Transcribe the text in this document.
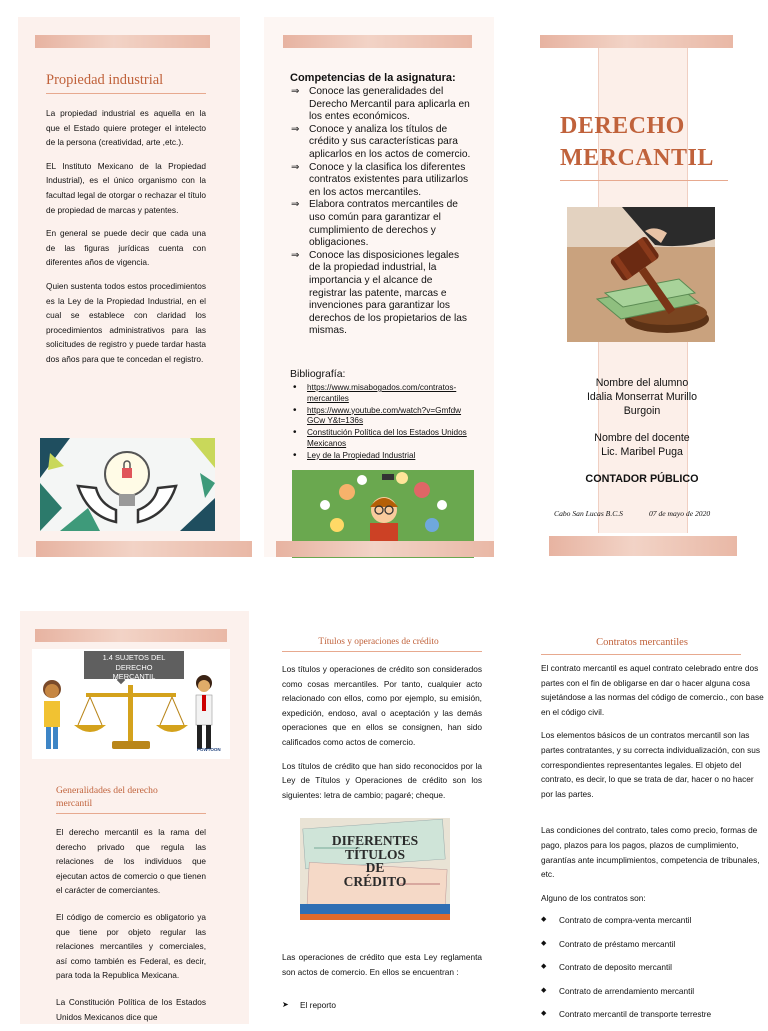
Propiedad industrial

La propiedad industrial es aquella en la que el Estado quiere proteger el intelecto de la persona (creatividad, arte ,etc.).

EL Instituto Mexicano de la Propiedad Industrial), es el único organismo con la facultad legal de otorgar o rechazar el título de propiedad de marcas y patentes.

En general se puede decir que cada una de las figuras jurídicas cuenta con diferentes años de vigencia.

Quien sustenta todos estos procedimientos es la Ley de la Propiedad Industrial, en el cual se establece con claridad los procedimientos administrativos para las solicitudes de registro y puede tardar hasta dos años para que te concedan el registro.

Competencias de la asignatura:
⇒ Conoce las generalidades del Derecho Mercantil para aplicarla en los entes económicos.
⇒ Conoce y analiza los títulos de crédito y sus características para aplicarlos en los actos de comercio.
⇒ Conoce y la clasifica los diferentes contratos existentes para utilizarlos en los actos mercantiles.
⇒ Elabora contratos mercantiles de uso común para garantizar el cumplimiento de derechos y obligaciones.
⇒ Conoce las disposiciones legales de la propiedad industrial, la importancia y el alcance de registrar las patente, marcas e invenciones para garantizar los derechos de los propietarios de las mismas.
Bibliografía:
• https://www.misabogados.com/contratos-mercantiles
• https://www.youtube.com/watch?v=Gmfdw GCw Y&t=136s
• Constitución Política del los Estados Unidos Mexicanos
• Ley de la Propiedad Industrial
DERECHO
MERCANTIL
Nombre del alumno
Idalia Monserrat Murillo
Burgoin
Nombre del docente
Lic. Maribel Puga
CONTADOR PÚBLICO
Cabo San Lucas B.C.S	07 de mayo de 2020
1.4 SUJETOS DEL DERECHO
MERCANTIL
POWTOON
Generalidades del derecho
mercantil

El derecho mercantil es la rama del derecho privado que regula las relaciones de los individuos que ejecutan actos de comercio o que tienen el carácter de comerciantes.

El código de comercio es obligatorio ya que tiene por objeto regular las relaciones mercantiles y comerciales, así como también es Federal, es decir, para toda la Republica Mexicana.

La Constitución Política de los Estados Unidos Mexicanos dice que

Títulos y operaciones de crédito

Los títulos y operaciones de crédito son considerados como cosas mercantiles. Por tanto, cualquier acto relacionado con ellos, como por ejemplo, su emisión, expedición, endoso, aval o aceptación y las demás operaciones que en ellos se consignen, han sido calificados como actos de comercio.

Los títulos de crédito que han sido reconocidos por la Ley de Títulos y Operaciones de crédito son los siguientes: letra de cambio; pagaré; cheque.

DIFERENTES
TÍTULOS
DE
CRÉDITO

Las operaciones de crédito que esta Ley reglamenta son actos de comercio. En ellos se encuentran :

➤ El reporto
Contratos mercantiles

El contrato mercantil es aquel contrato celebrado entre dos partes con el fin de obligarse en dar o hacer alguna cosa sujetándose a las normas del código de comercio., con base en el código civil.

Los elementos básicos de un contratos mercantil son las partes contratantes, y su correcta individualización, con sus correspondientes representantes legales. El objeto del contrato, es decir, lo que se trata de dar, hacer o no hacer por las partes.

Las condiciones del contrato, tales como precio, formas de pago, plazos para los pagos, plazos de cumplimiento, garantías ante incumplimientos, competencia de tribunales, etc.

Alguno de los contratos son:

◆ Contrato de compra-venta mercantil
◆ Contrato de préstamo mercantil
◆ Contrato de deposito mercantil
◆ Contrato de arrendamiento mercantil
◆ Contrato mercantil de transporte terrestre
